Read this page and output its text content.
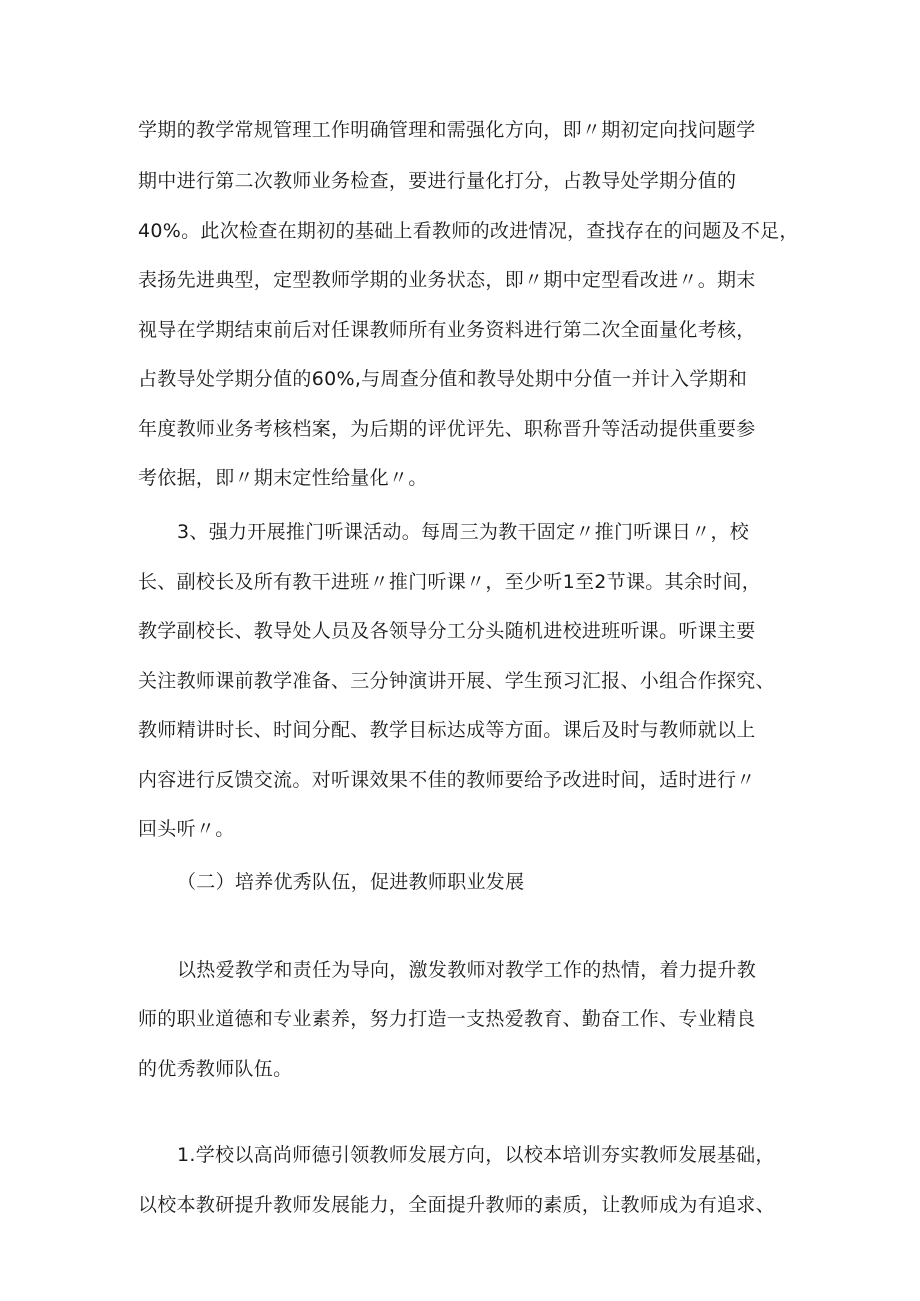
学期的教学常规管理工作明确管理和需强化方向，即〃期初定向找问题学
期中进行第二次教师业务检查，要进行量化打分，占教导处学期分值的
40%。此次检查在期初的基础上看教师的改进情况，查找存在的问题及不足，
表扬先进典型，定型教师学期的业务状态，即〃期中定型看改进〃。期末
视导在学期结束前后对任课教师所有业务资料进行第二次全面量化考核，
占教导处学期分值的60%,与周查分值和教导处期中分值一并计入学期和
年度教师业务考核档案，为后期的评优评先、职称晋升等活动提供重要参
考依据，即〃期末定性给量化〃。
3、强力开展推门听课活动。每周三为教干固定〃推门听课日〃，校
长、副校长及所有教干进班〃推门听课〃，至少听1至2节课。其余时间，
教学副校长、教导处人员及各领导分工分头随机进校进班听课。听课主要
关注教师课前教学准备、三分钟演讲开展、学生预习汇报、小组合作探究、
教师精讲时长、时间分配、教学目标达成等方面。课后及时与教师就以上
内容进行反馈交流。对听课效果不佳的教师要给予改进时间，适时进行〃
回头听〃。
（二）培养优秀队伍，促进教师职业发展
以热爱教学和责任为导向，激发教师对教学工作的热情，着力提升教
师的职业道德和专业素养，努力打造一支热爱教育、勤奋工作、专业精良
的优秀教师队伍。
1.学校以高尚师德引领教师发展方向，以校本培训夯实教师发展基础，
以校本教研提升教师发展能力，全面提升教师的素质，让教师成为有追求、
